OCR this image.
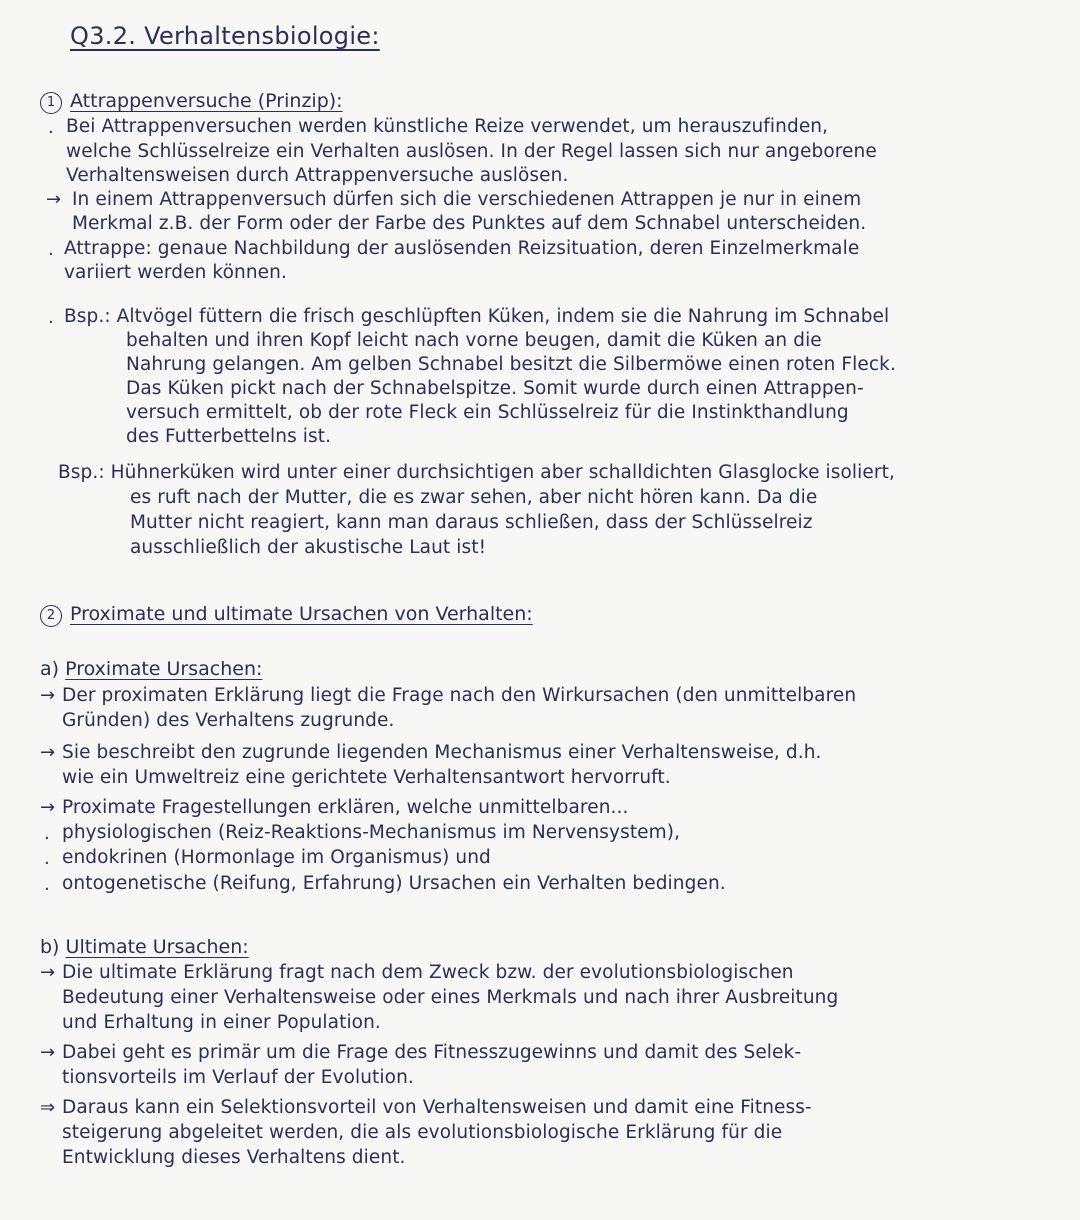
Q3.2. Verhaltensbiologie:
1 Attrappenversuche (Prinzip):
· Bei Attrappenversuchen werden künstliche Reize verwendet, um herauszufinden,
welche Schlüsselreize ein Verhalten auslösen. In der Regel lassen sich nur angeborene
Verhaltensweisen durch Attrappenversuche auslösen.
→ In einem Attrappenversuch dürfen sich die verschiedenen Attrappen je nur in einem
Merkmal z.B. der Form oder der Farbe des Punktes auf dem Schnabel unterscheiden.
· Attrappe: genaue Nachbildung der auslösenden Reizsituation, deren Einzelmerkmale
variiert werden können.
· Bsp.: Altvögel füttern die frisch geschlüpften Küken, indem sie die Nahrung im Schnabel
behalten und ihren Kopf leicht nach vorne beugen, damit die Küken an die
Nahrung gelangen. Am gelben Schnabel besitzt die Silbermöwe einen roten Fleck.
Das Küken pickt nach der Schnabelspitze. Somit wurde durch einen Attrappen-
versuch ermittelt, ob der rote Fleck ein Schlüsselreiz für die Instinkthandlung
des Futterbettelns ist.
Bsp.: Hühnerküken wird unter einer durchsichtigen aber schalldichten Glasglocke isoliert,
es ruft nach der Mutter, die es zwar sehen, aber nicht hören kann. Da die
Mutter nicht reagiert, kann man daraus schließen, dass der Schlüsselreiz
ausschließlich der akustische Laut ist!
2 Proximate und ultimate Ursachen von Verhalten:
a) Proximate Ursachen:
→ Der proximaten Erklärung liegt die Frage nach den Wirkursachen (den unmittelbaren
Gründen) des Verhaltens zugrunde.
→ Sie beschreibt den zugrunde liegenden Mechanismus einer Verhaltensweise, d.h.
wie ein Umweltreiz eine gerichtete Verhaltensantwort hervorruft.
→ Proximate Fragestellungen erklären, welche unmittelbaren...
· physiologischen (Reiz-Reaktions-Mechanismus im Nervensystem),
· endokrinen (Hormonlage im Organismus) und
· ontogenetische (Reifung, Erfahrung) Ursachen ein Verhalten bedingen.
b) Ultimate Ursachen:
→ Die ultimate Erklärung fragt nach dem Zweck bzw. der evolutionsbiologischen
Bedeutung einer Verhaltensweise oder eines Merkmals und nach ihrer Ausbreitung
und Erhaltung in einer Population.
→ Dabei geht es primär um die Frage des Fitnesszugewinns und damit des Selek-
tionsvorteils im Verlauf der Evolution.
⇒ Daraus kann ein Selektionsvorteil von Verhaltensweisen und damit eine Fitness-
steigerung abgeleitet werden, die als evolutionsbiologische Erklärung für die
Entwicklung dieses Verhaltens dient.
